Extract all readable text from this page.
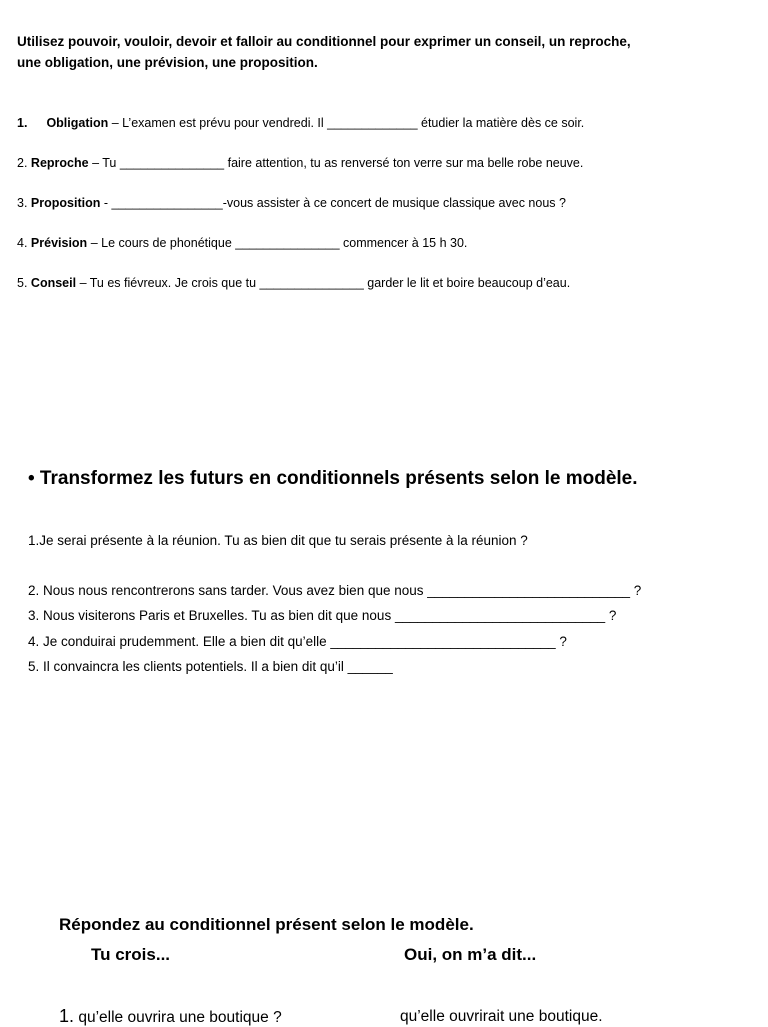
Utilisez pouvoir, vouloir, devoir et falloir au conditionnel pour exprimer un conseil, un reproche,
une obligation, une prévision, une proposition.
1. Obligation – L’examen est prévu pour vendredi. Il _____________ étudier la matière dès ce soir.
2. Reproche – Tu _______________ faire attention, tu as renversé ton verre sur ma belle robe neuve.
3. Proposition - ________________-vous assister à ce concert de musique classique avec nous ?
4. Prévision – Le cours de phonétique _______________ commencer à 15 h 30.
5. Conseil – Tu es fiévreux. Je crois que tu _______________ garder le lit et boire beaucoup d’eau.
• Transformez les futurs en conditionnels présents selon le modèle.
1.Je serai présente à la réunion. Tu as bien dit que tu serais présente à la réunion ?
2. Nous nous rencontrerons sans tarder. Vous avez bien que nous ___________________________ ?
3. Nous visiterons Paris et Bruxelles. Tu as bien dit que nous ____________________________ ?
4. Je conduirai prudemment. Elle a bien dit qu’elle ______________________________ ?
5. Il convaincra les clients potentiels. Il a bien dit qu’il ______
Répondez au conditionnel présent selon le modèle.
Tu crois...	Oui, on m’a dit...
1. qu’elle ouvrira une boutique ?	qu’elle ouvrirait une boutique.
